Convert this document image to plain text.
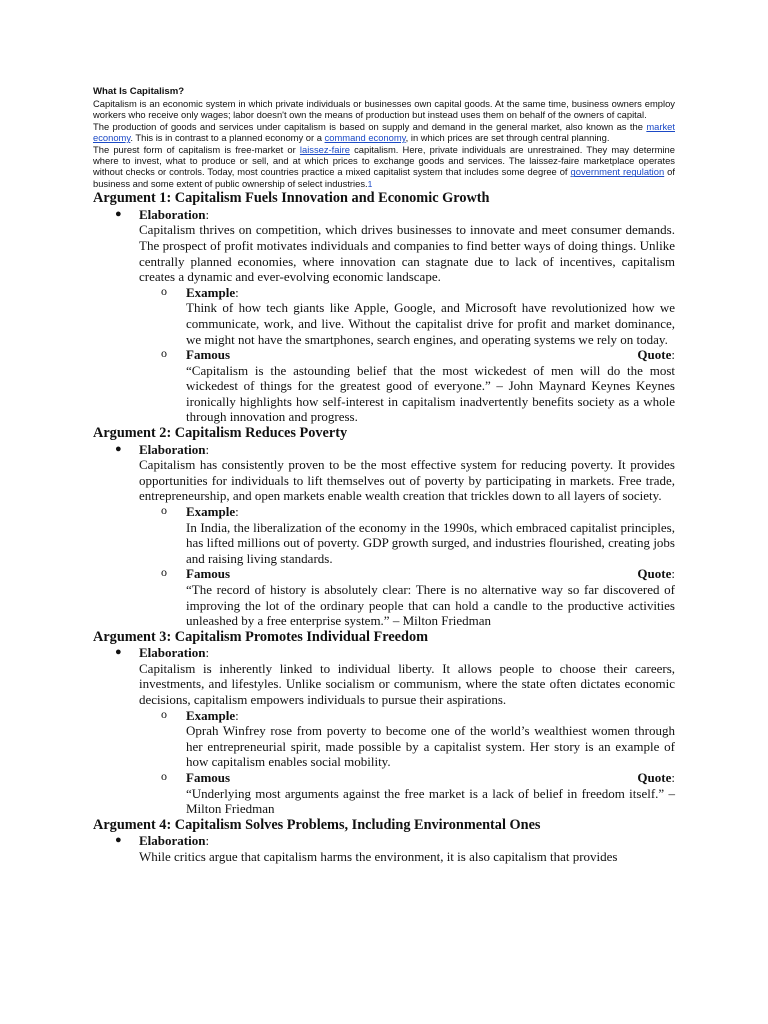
What Is Capitalism?

Capitalism is an economic system in which private individuals or businesses own capital goods. At the same time, business owners employ workers who receive only wages; labor doesn't own the means of production but instead uses them on behalf of the owners of capital.

The production of goods and services under capitalism is based on supply and demand in the general market, also known as the market economy. This is in contrast to a planned economy or a command economy, in which prices are set through central planning.

The purest form of capitalism is free-market or laissez-faire capitalism. Here, private individuals are unrestrained. They may determine where to invest, what to produce or sell, and at which prices to exchange goods and services. The laissez-faire marketplace operates without checks or controls. Today, most countries practice a mixed capitalist system that includes some degree of government regulation of business and some extent of public ownership of select industries.1

Argument 1: Capitalism Fuels Innovation and Economic Growth
● Elaboration:
Capitalism thrives on competition, which drives businesses to innovate and meet consumer demands. The prospect of profit motivates individuals and companies to find better ways of doing things. Unlike centrally planned economies, where innovation can stagnate due to lack of incentives, capitalism creates a dynamic and ever-evolving economic landscape.
o Example:
Think of how tech giants like Apple, Google, and Microsoft have revolutionized how we communicate, work, and live. Without the capitalist drive for profit and market dominance, we might not have the smartphones, search engines, and operating systems we rely on today.
o Famous	Quote:
“Capitalism is the astounding belief that the most wickedest of men will do the most wickedest of things for the greatest good of everyone.” – John Maynard Keynes Keynes ironically highlights how self-interest in capitalism inadvertently benefits society as a whole through innovation and progress.
Argument 2: Capitalism Reduces Poverty
● Elaboration:
Capitalism has consistently proven to be the most effective system for reducing poverty. It provides opportunities for individuals to lift themselves out of poverty by participating in markets. Free trade, entrepreneurship, and open markets enable wealth creation that trickles down to all layers of society.
o Example:
In India, the liberalization of the economy in the 1990s, which embraced capitalist principles, has lifted millions out of poverty. GDP growth surged, and industries flourished, creating jobs and raising living standards.
o Famous	Quote:
“The record of history is absolutely clear: There is no alternative way so far discovered of improving the lot of the ordinary people that can hold a candle to the productive activities unleashed by a free enterprise system.” – Milton Friedman
Argument 3: Capitalism Promotes Individual Freedom
● Elaboration:
Capitalism is inherently linked to individual liberty. It allows people to choose their careers, investments, and lifestyles. Unlike socialism or communism, where the state often dictates economic decisions, capitalism empowers individuals to pursue their aspirations.
o Example:
Oprah Winfrey rose from poverty to become one of the world’s wealthiest women through her entrepreneurial spirit, made possible by a capitalist system. Her story is an example of how capitalism enables social mobility.
o Famous	Quote:
“Underlying most arguments against the free market is a lack of belief in freedom itself.” – Milton Friedman
Argument 4: Capitalism Solves Problems, Including Environmental Ones
● Elaboration:
While critics argue that capitalism harms the environment, it is also capitalism that provides
